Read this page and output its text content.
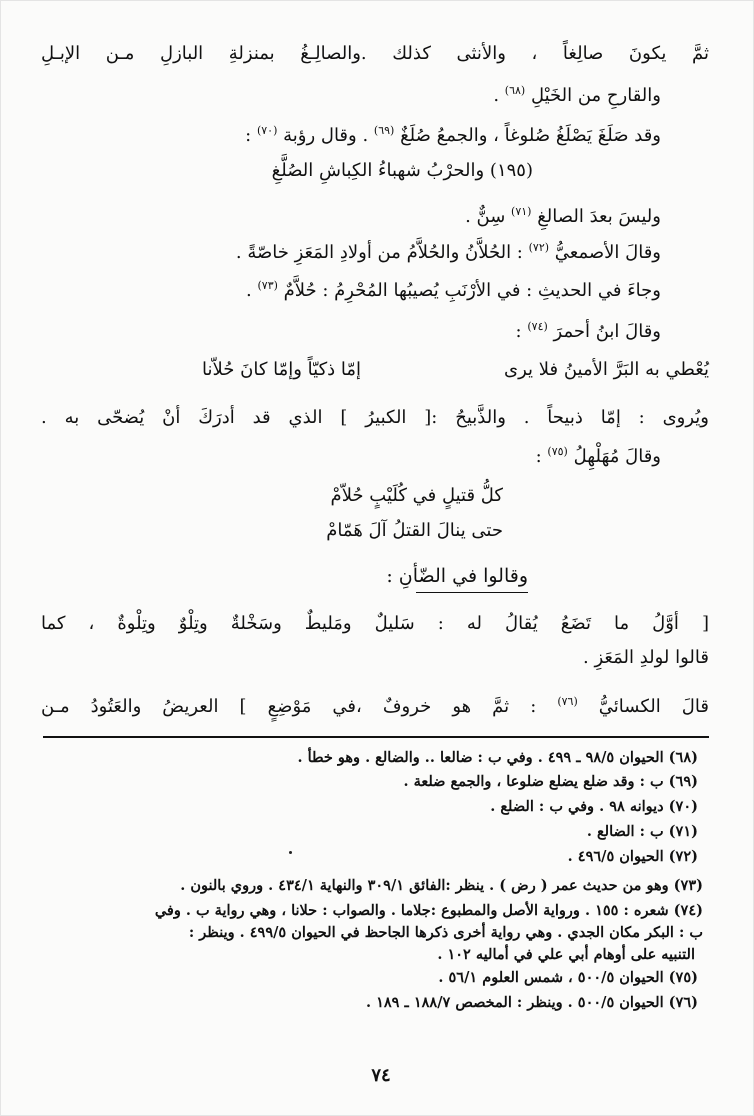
ثمَّ يكونَ صالِغاً ، والأنثى كذلك .والصالِـغُ بمنزلةِ البازلِ مـن الإبـلِ
والقارحِ من الخَيْلِ $^{(٦٨)}$ .
وقد صَلَغَ يَصْلَغُ صُلوغاً ، والجمعُ صُلَغٌ $^{(٦٩)}$ . وقال رؤبة $^{(٧٠)}$ :
(١٩٥) والحرْبُ شهباءُ الكِباشِ الصُلَّغِ
وليسَ بعدَ الصالغِ $^{(٧١)}$ سِنٌّ .
وقالَ الأصمعيُّ $^{(٧٢)}$ : الحُلاَّنُ والحُلاَّمُ من أولادِ المَعَزِ خاصّةً .
وجاءَ في الحديثِ : في الأرْنَبِ يُصيبُها المُحْرِمُ : حُلاَّمٌ $^{(٧٣)}$ .
وقالَ ابنُ أحمرَ $^{(٧٤)}$ :
يُعْطي به البَرَّ الأمينُ فلا يرى
إمّا ذكيّاً وإمّا كانَ حُلاّنا
ويُروى : إمّا ذبيحاً . والذَّبيحُ :[ الكبيرُ ] الذي قد أدرَكَ أنْ يُضحّى به .
وقالَ مُهَلْهِلُ $^{(٧٥)}$ :
كلُّ قتيلٍ في كُلَيْبٍ حُلاّمْ
حتى ينالَ القتلُ آلَ هَمّامْ
وقالوا في الضّأنِ :
[ أوَّلُ ما تَضَعُ يُقالُ له : سَليلٌ ومَليطٌ وسَخْلةٌ وتِلْوٌ وتِلْوةٌ ، كما
قالوا لولدِ المَعَزِ .
قالَ الكسائيُّ $^{(٧٦)}$ : ثمَّ هو خروفٌ ،في مَوْضِعٍ ] العريضُ والعَتُودُ مـن
(٦٨) الحيوان ٩٨/٥ ـ ٤٩٩ . وفي ب : ضالعا .. والضالع . وهو خطأ .
(٦٩) ب : وقد ضلع يضلع ضلوعا ، والجمع ضلعة .
(٧٠) ديوانه ٩٨ . وفي ب : الضلع .
(٧١) ب : الضالع .
(٧٢) الحيوان ٤٩٦/٥ .
(٧٣) وهو من حديث عمر ( رض ) . ينظر :الفائق ٣٠٩/١ والنهاية ٤٣٤/١ . وروي بالنون .
(٧٤) شعره : ١٥٥ . ورواية الأصل والمطبوع :جلاما . والصواب : حلانا ، وهي رواية ب . وفي
ب : البكر مكان الجدي . وهي رواية أخرى ذكرها الجاحظ في الحيوان ٤٩٩/٥ . وينظر :
التنبيه على أوهام أبي علي في أماليه ١٠٢ .
(٧٥) الحيوان ٥٠٠/٥ ، شمس العلوم ٥٦/١ .
(٧٦) الحيوان ٥٠٠/٥ . وينظر : المخصص ١٨٨/٧ ـ ١٨٩ .
٧٤
